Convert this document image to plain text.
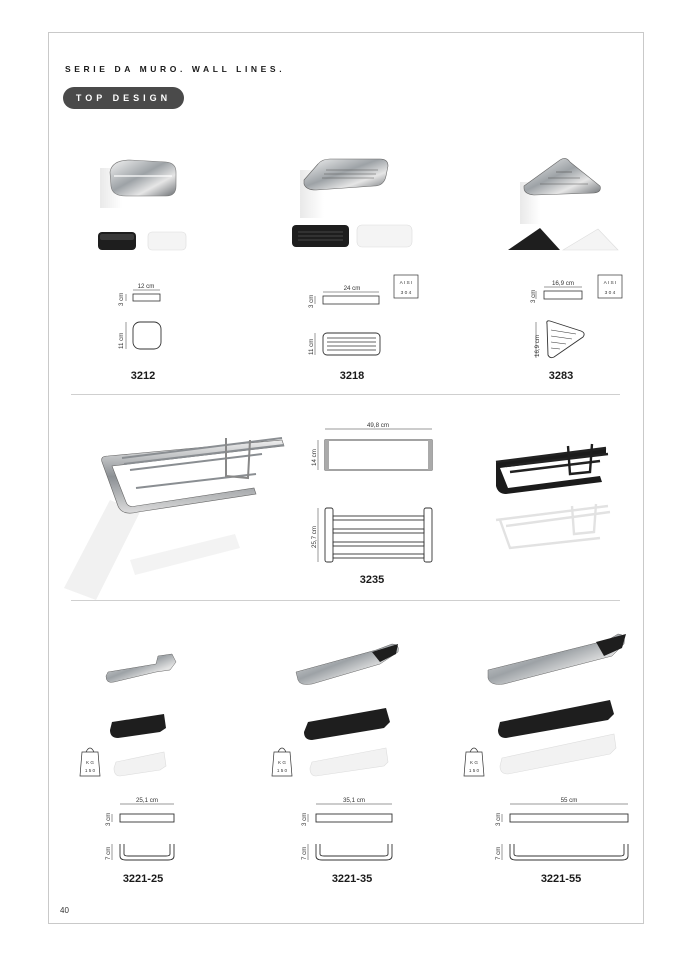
SERIE DA MURO. WALL LINES.
TOP DESIGN
12 cm
3 cm
11 cm
24 cm
3 cm
11 cm
A I S I
3 0 4
16,9 cm
3 cm
16,9 cm
A I S I
3 0 4
49,8 cm
14 cm
25,7 cm
25,1 cm
3 cm
7 cm
K G
1 5 0
35,1 cm
3 cm
7 cm
K G
1 5 0
55 cm
3 cm
7 cm
K G
1 5 0
3212	3218	3283
3235
3221-25	3221-35	3221-55
40
